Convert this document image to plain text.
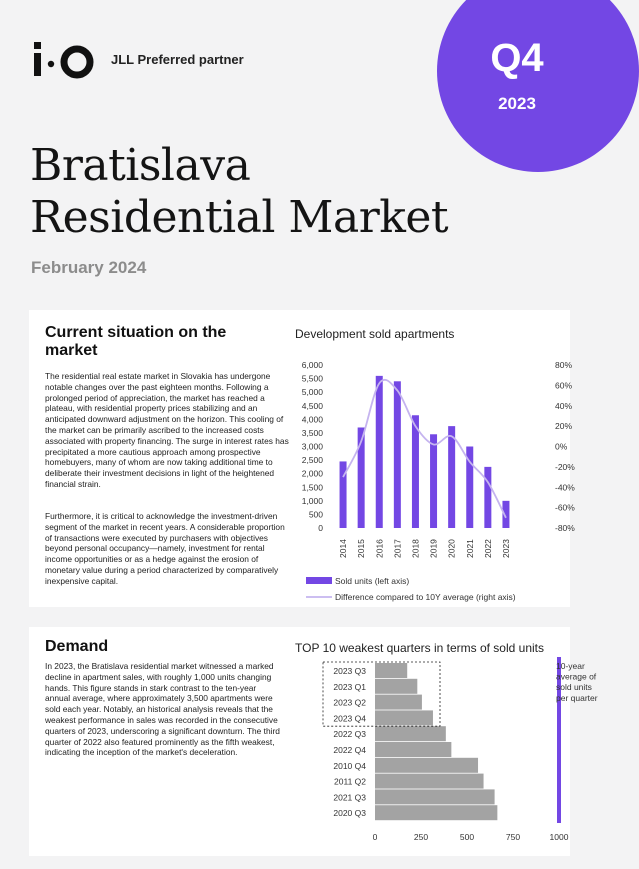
JLL Preferred partner	Q4
2023
Bratislava
Residential Market
February 2024
Current situation on the market
The residential real estate market in Slovakia has undergone notable changes over the past eighteen months. Following a prolonged period of appreciation, the market has reached a plateau, with residential property prices stabilizing and an anticipated downward adjustment on the horizon. This cooling of the market can be primarily ascribed to the increased costs associated with property financing. The surge in interest rates has precipitated a more cautious approach among prospective homebuyers, many of whom are now taking additional time to deliberate their investment decisions in light of the heightened financial strain.
Furthermore, it is critical to acknowledge the investment-driven segment of the market in recent years. A considerable proportion of transactions were executed by purchasers with objectives beyond personal occupancy—namely, investment for rental income opportunities or as a hedge against the erosion of monetary value during a period characterized by comparatively inexpensive capital.
Development sold apartments
6,000
5,500
5,000
4,500
4,000
3,500
3,000
2,500
2,000
1,500
1,000
500
0
80%
60%
40%
20%
0%
-20%
-40%
-60%
-80%
2014 2015 2016 2017 2018 2019 2020 2021 2022 2023
Sold units (left axis)
Difference compared to 10Y average (right axis)
Demand
In 2023, the Bratislava residential market witnessed a marked decline in apartment sales, with roughly 1,000 units changing hands. This figure stands in stark contrast to the ten-year annual average, where approximately 3,500 apartments were sold each year. Notably, an historical analysis reveals that the weakest performance in sales was recorded in the consecutive quarters of 2023, underscoring a significant downturn. The third quarter of 2022 also featured prominently as the fifth weakest, indicating the inception of the market's deceleration.
TOP 10 weakest quarters in terms of sold units
2023 Q3
2023 Q1
2023 Q2
2023 Q4
2022 Q3
2022 Q4
2010 Q4
2011 Q2
2021 Q3
2020 Q3
10-year average of sold units per quarter
0	250	500	750	1000
